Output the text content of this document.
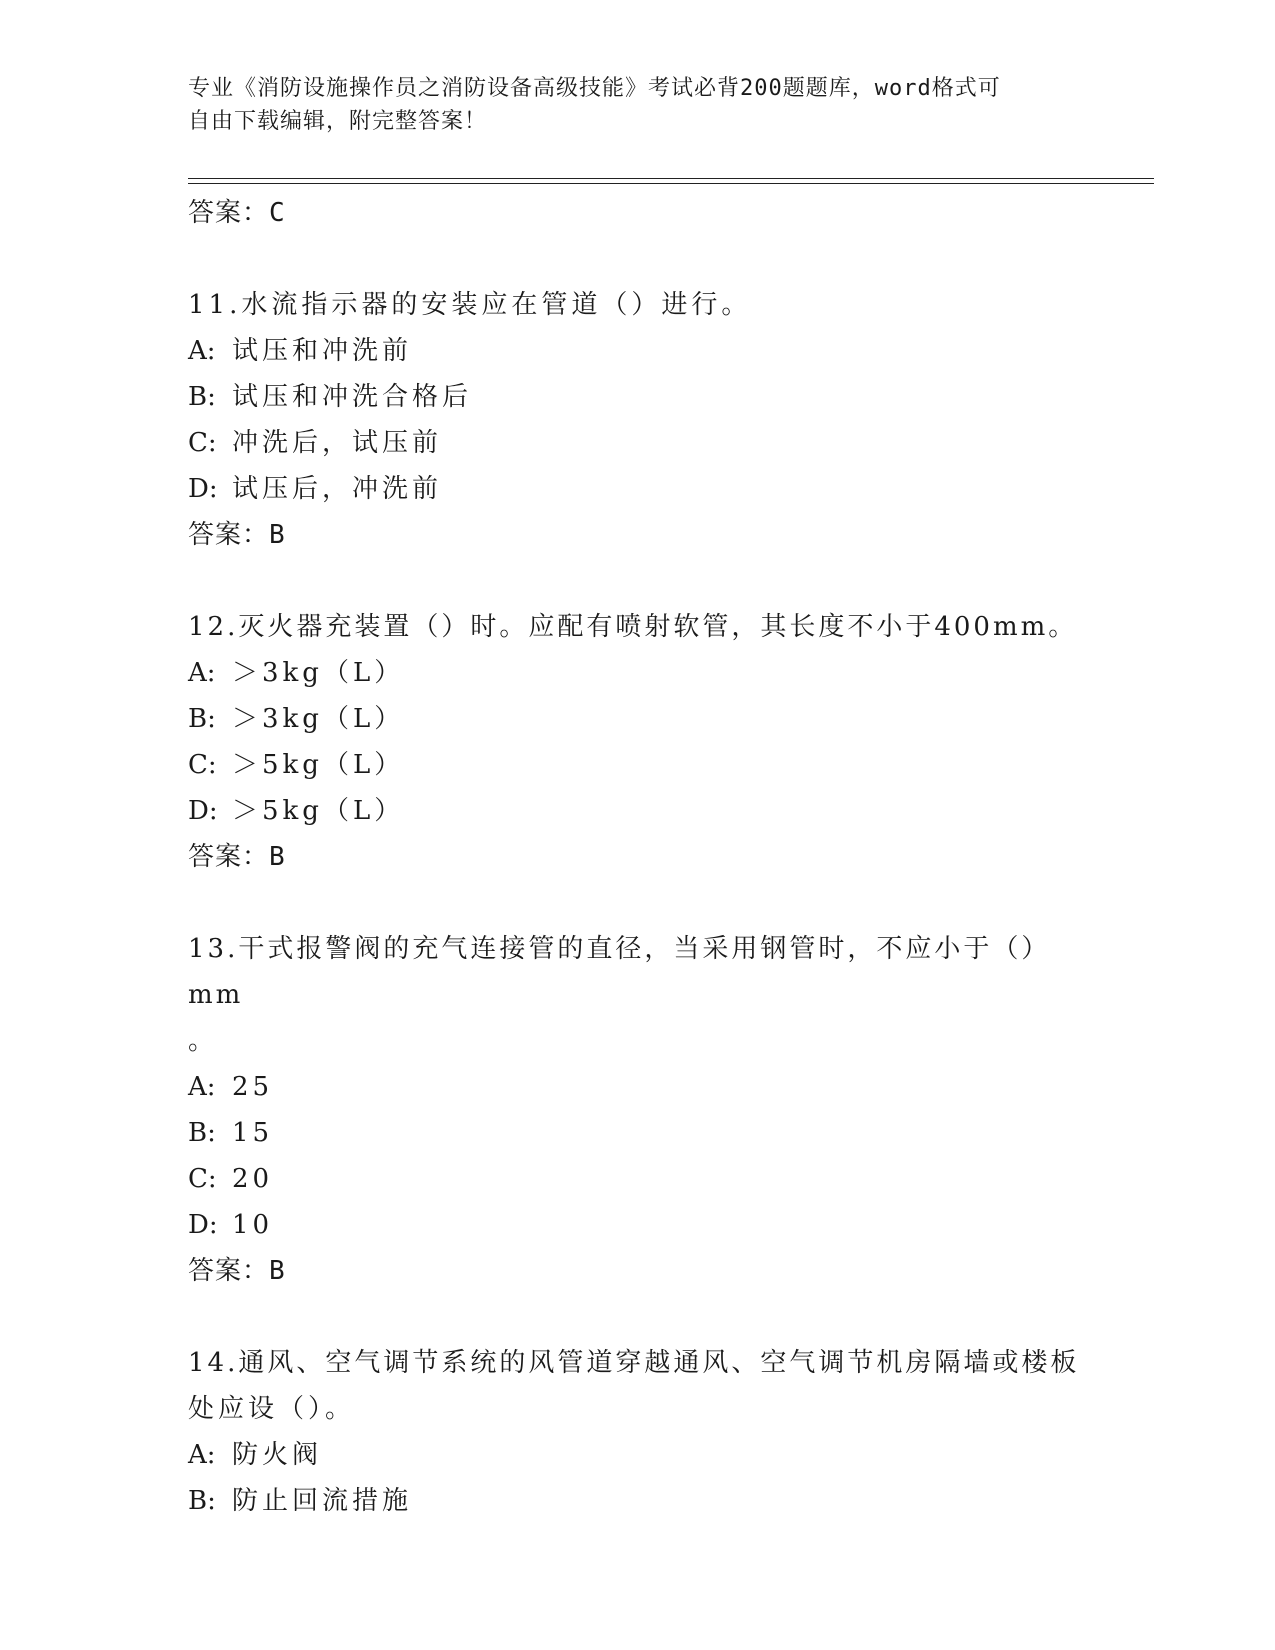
专业《消防设施操作员之消防设备高级技能》考试必背200题题库，word格式可
自由下载编辑，附完整答案！
答案：C
11.水流指示器的安装应在管道（）进行。
A: 试压和冲洗前
B: 试压和冲洗合格后
C: 冲洗后，试压前
D: 试压后，冲洗前
答案：B
12.灭火器充装置（）时。应配有喷射软管，其长度不小于400mm。
A: ＞3kg（L）
B: ＞3kg（L）
C: ＞5kg（L）
D: ＞5kg（L）
答案：B
13.干式报警阀的充气连接管的直径，当采用钢管时，不应小于（）mm
。
A: 25
B: 15
C: 20
D: 10
答案：B
14.通风、空气调节系统的风管道穿越通风、空气调节机房隔墙或楼板
处应设（）。
A: 防火阀
B: 防止回流措施
